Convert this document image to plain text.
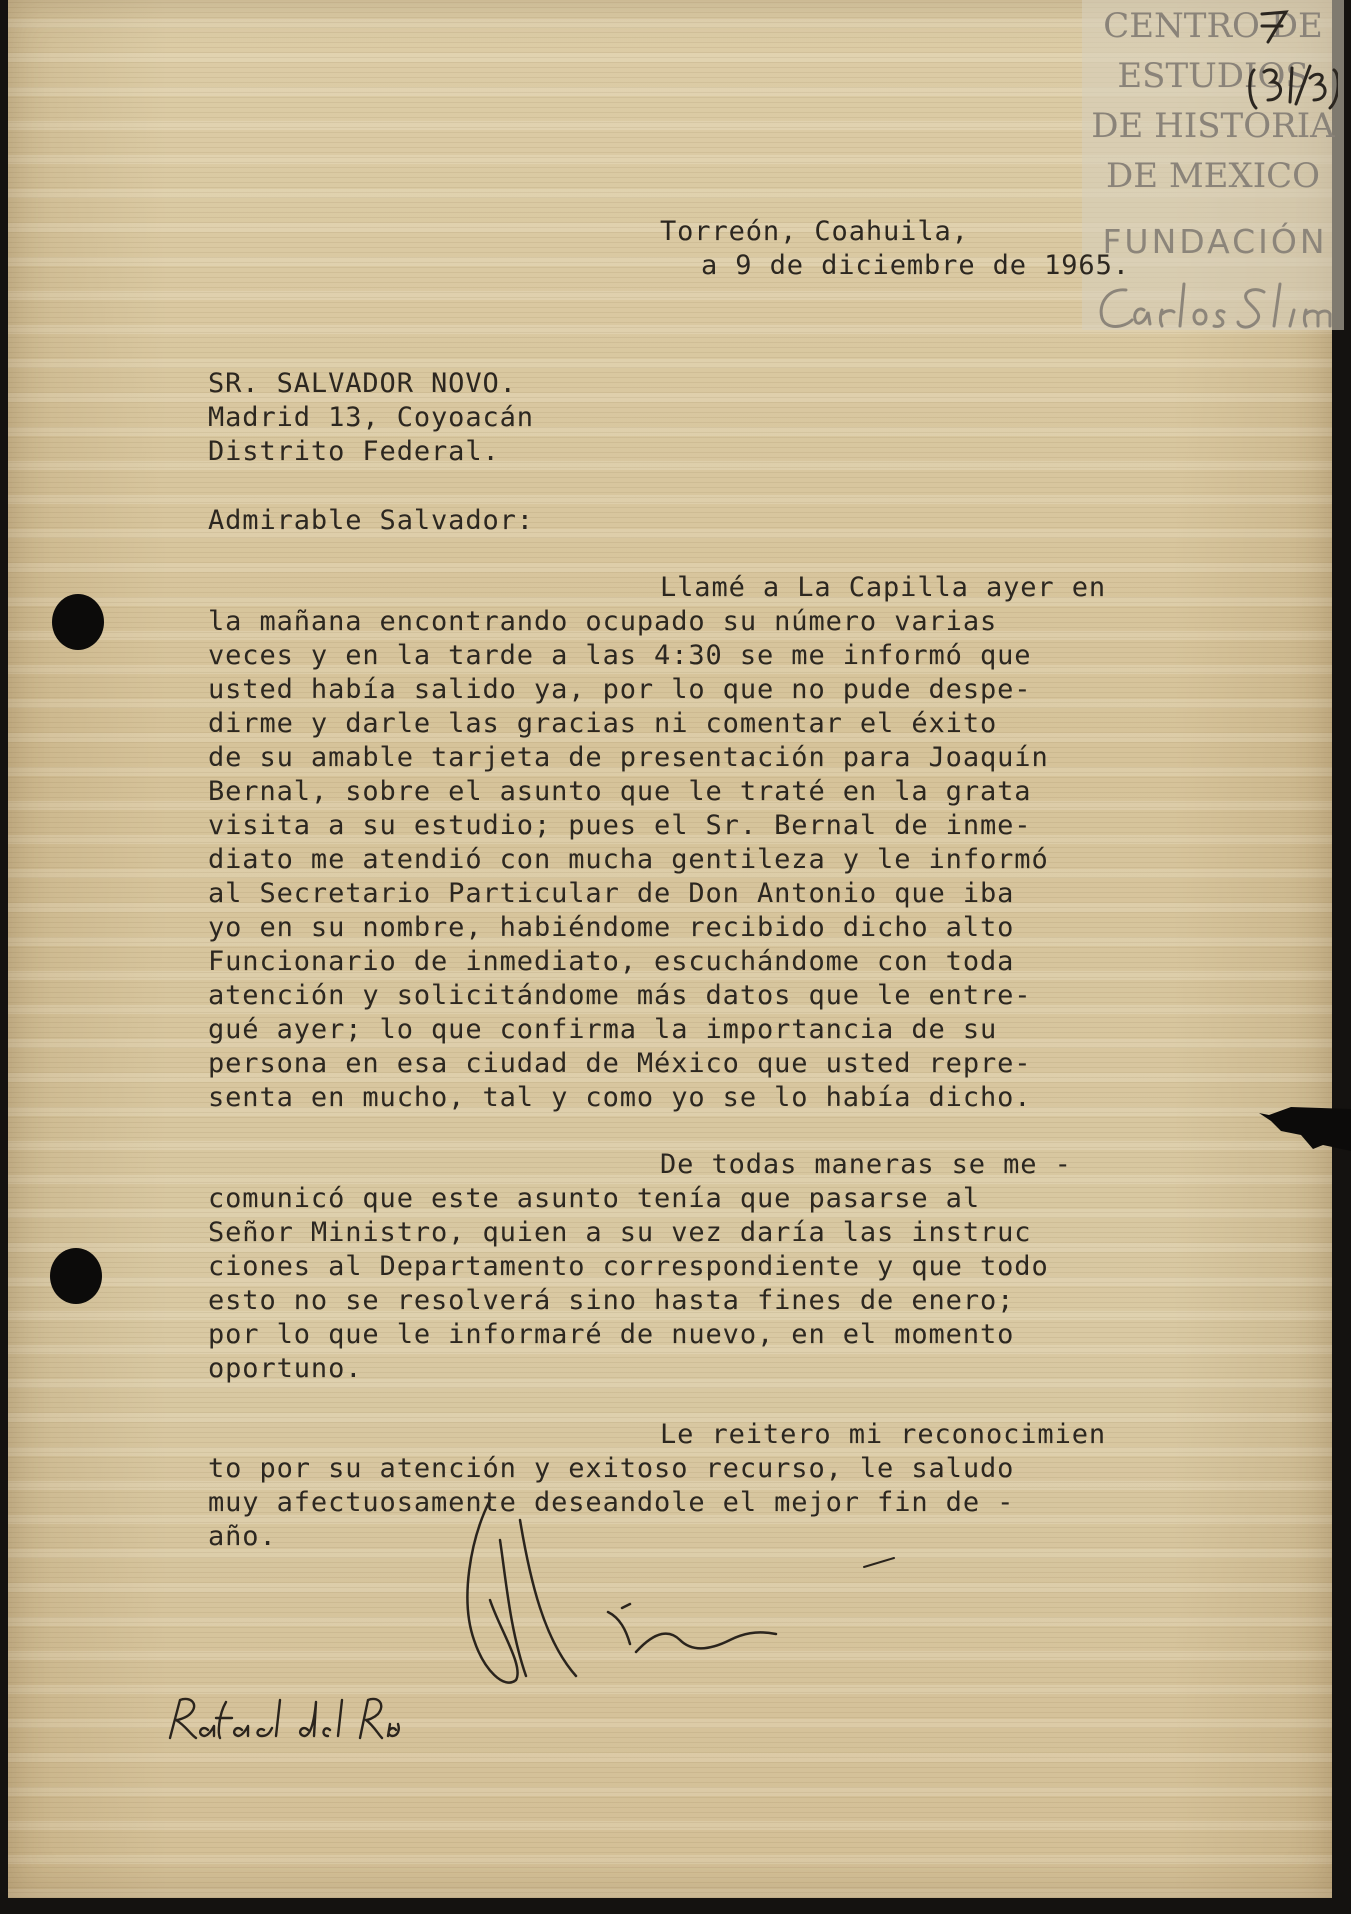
CENTRO DE
ESTUDIOS
DE HISTORIA
DE MEXICO
FUNDACIÓN
Torreón, Coahuila,
a 9 de diciembre de 1965.
SR. SALVADOR NOVO.
Madrid 13, Coyoacán
Distrito Federal.
Admirable Salvador:
Llamé a La Capilla ayer en
la mañana encontrando ocupado su número varias
veces y en la tarde a las 4:30 se me informó que
usted había salido ya, por lo que no pude despe-
dirme y darle las gracias ni comentar el éxito
de su amable tarjeta de presentación para Joaquín
Bernal, sobre el asunto que le traté en la grata
visita a su estudio; pues el Sr. Bernal de inme-
diato me atendió con mucha gentileza y le informó
al Secretario Particular de Don Antonio que iba
yo en su nombre, habiéndome recibido dicho alto
Funcionario de inmediato, escuchándome con toda
atención y solicitándome más datos que le entre-
gué ayer; lo que confirma la importancia de su
persona en esa ciudad de México que usted repre-
senta en mucho, tal y como yo se lo había dicho.
De todas maneras se me -
comunicó que este asunto tenía que pasarse al
Señor Ministro, quien a su vez daría las instruc
ciones al Departamento correspondiente y que todo
esto no se resolverá sino hasta fines de enero;
por lo que le informaré de nuevo, en el momento
oportuno.
Le reitero mi reconocimien
to por su atención y exitoso recurso, le saludo
muy afectuosamente deseandole el mejor fin de -
año.
